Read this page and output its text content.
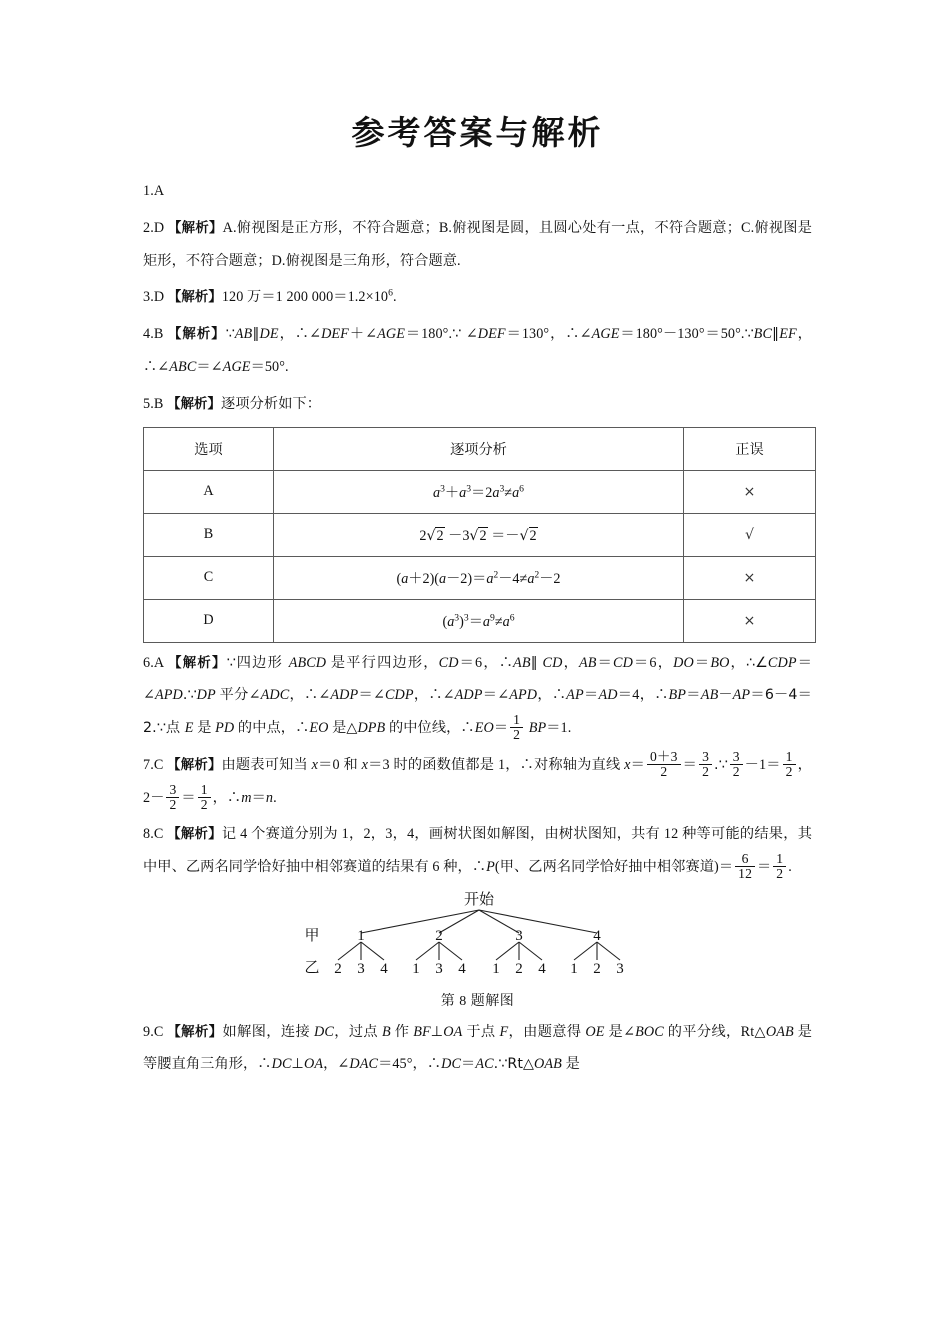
参考答案与解析

1.A

2.D 【解析】A.俯视图是正方形，不符合题意；B.俯视图是圆，且圆心处有一点，不符合题意；C.俯视图是矩形，不符合题意；D.俯视图是三角形，符合题意.

3.D 【解析】120 万＝1 200 $000=1.2\times 10^6$.

4.B 【解析】∵AB∥DE，∴∠DEF＋∠AGE＝180°.∵ ∠DEF＝130°，∴∠AGE＝180°－130°＝50°.∵BC∥EF，∴∠ABC＝∠AGE＝50°.

5.B 【解析】逐项分析如下：

选项	逐项分析	正误
A	$a^3+a^3=2a^3\ne a^6$	×
B	2√2 －3√2 ＝－√2	√
C	$(a+2)(a-2)=a^2-4\ne a^2-2$	×
D	$(a^3)^3=a^9\ne a^6$	×

6.A 【解析】∵四边形 ABCD 是平行四边形，CD＝6，∴AB∥ CD，AB＝CD＝6，DO＝BO，∴∠CDP＝∠APD.∵DP 平分∠ADC，∴∠ADP＝∠CDP，∴∠ADP＝∠APD，∴AP＝AD＝4，∴BP＝AB－AP＝6－4＝2.∵点 E 是 PD 的中点，∴EO 是△DPB 的中位线，∴EO＝ $\frac{1}{2} BP=1$.

7.C 【解析】由题表可知当 x＝0 和 x＝3 时的函数值都是 1，∴对称轴为直线 $x= \frac{0+3}{2} = \frac{3}{2}$ .∵ $\frac{3}{2} -1= \frac{1}{2}$ ，$2- \frac{3}{2} = \frac{1}{2}$ ，∴m＝n.

8.C 【解析】记 4 个赛道分别为 1，2，3，4，画树状图如解图，由树状图知，共有 12 种等可能的结果，其中甲、乙两名同学恰好抽中相邻赛道的结果有 6 种，∴P(甲、乙两名同学恰好抽中相邻赛道)＝ $\frac{6}{12} = \frac{1}{2}$ .

开始
甲
乙
1	2	3	4
2 3 4 1 3 4 1 2 4 1 2 3
第 8 题解图

9.C 【解析】如解图，连接 DC，过点 B 作 BF⊥OA 于点 F，由题意得 OE 是∠BOC 的平分线，Rt△OAB 是等腰直角三角形，∴DC⊥OA，∠DAC＝45°，∴DC＝AC.∵Rt△OAB 是
